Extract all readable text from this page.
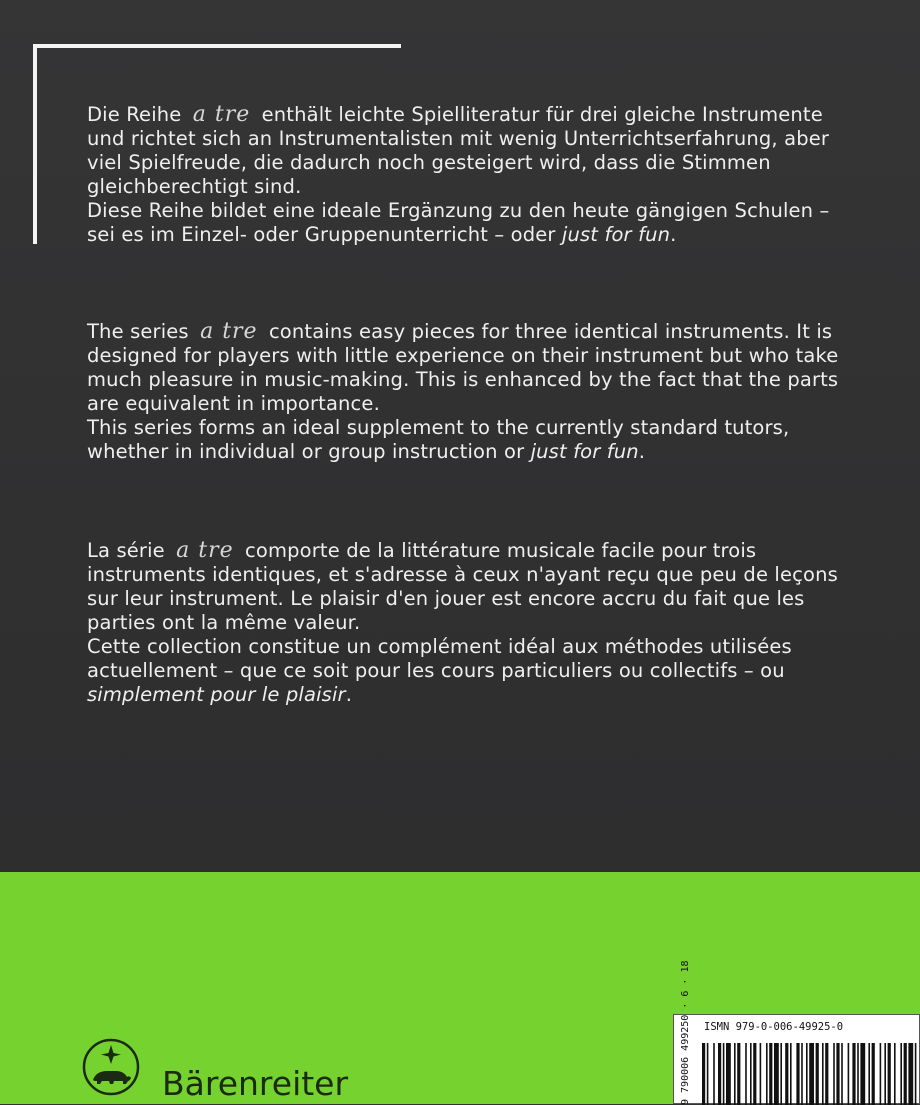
Die Reihe a tre enthält leichte Spielliteratur für drei gleiche Instrumente und richtet sich an Instrumentalisten mit wenig Unterrichtserfahrung, aber viel Spielfreude, die dadurch noch gesteigert wird, dass die Stimmen gleichberechtigt sind.

Diese Reihe bildet eine ideale Ergänzung zu den heute gängigen Schulen – sei es im Einzel- oder Gruppenunterricht – oder just for fun.

The series a tre contains easy pieces for three identical instruments. It is designed for players with little experience on their instrument but who take much pleasure in music-making. This is enhanced by the fact that the parts are equivalent in importance.

This series forms an ideal supplement to the currently standard tutors, whether in individual or group instruction or just for fun.

La série a tre comporte de la littérature musicale facile pour trois instruments identiques, et s'adresse à ceux n'ayant reçu que peu de leçons sur leur instrument. Le plaisir d'en jouer est encore accru du fait que les parties ont la même valeur.

Cette collection constitue un complément idéal aux méthodes utilisées actuellement – que ce soit pour les cours particuliers ou collectifs – ou simplement pour le plaisir.

Bärenreiter
ISMN 979-0-006-49925-0
9 790006 499250 · 6 · 18
